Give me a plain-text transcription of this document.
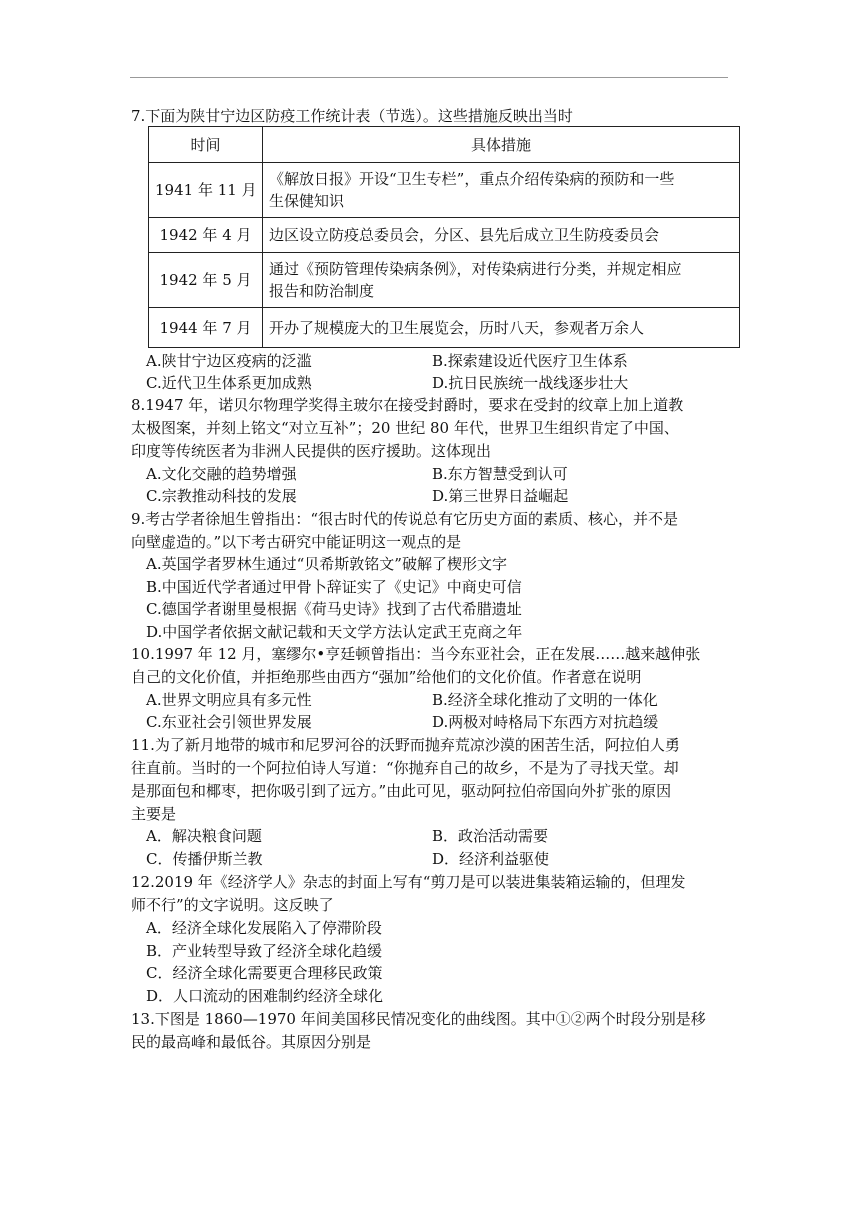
7.下面为陕甘宁边区防疫工作统计表（节选）。这些措施反映出当时
时间	具体措施
1941 年 11 月	《解放日报》开设“卫生专栏”，重点介绍传染病的预防和一些
生保健知识

1942 年 4 月	边区设立防疫总委员会，分区、县先后成立卫生防疫委员会

1942 年 5 月	通过《预防管理传染病条例》，对传染病进行分类，并规定相应
报告和防治制度

1944 年 7 月	开办了规模庞大的卫生展览会，历时八天，参观者万余人
A.陕甘宁边区疫病的泛滥	B.探索建设近代医疗卫生体系
C.近代卫生体系更加成熟	D.抗日民族统一战线逐步壮大
8.1947 年，诺贝尔物理学奖得主玻尔在接受封爵时，要求在受封的纹章上加上道教
太极图案，并刻上铭文“对立互补”；20 世纪 80 年代，世界卫生组织肯定了中国、
印度等传统医者为非洲人民提供的医疗援助。这体现出
A.文化交融的趋势增强	B.东方智慧受到认可
C.宗教推动科技的发展	D.第三世界日益崛起
9.考古学者徐旭生曾指出：“很古时代的传说总有它历史方面的素质、核心，并不是
向壁虚造的。”以下考古研究中能证明这一观点的是
A.英国学者罗林生通过“贝希斯敦铭文”破解了楔形文字
B.中国近代学者通过甲骨卜辞证实了《史记》中商史可信
C.德国学者谢里曼根据《荷马史诗》找到了古代希腊遗址
D.中国学者依据文献记载和天文学方法认定武王克商之年
10.1997 年 12 月，塞缪尔•亨廷顿曾指出：当今东亚社会，正在发展……越来越伸张
自己的文化价值，并拒绝那些由西方“强加”给他们的文化价值。作者意在说明
A.世界文明应具有多元性	B.经济全球化推动了文明的一体化
C.东亚社会引领世界发展	D.两极对峙格局下东西方对抗趋缓
11.为了新月地带的城市和尼罗河谷的沃野而抛弃荒凉沙漠的困苦生活，阿拉伯人勇
往直前。当时的一个阿拉伯诗人写道：“你抛弃自己的故乡，不是为了寻找天堂。却
是那面包和椰枣，把你吸引到了远方。”由此可见，驱动阿拉伯帝国向外扩张的原因
主要是
A．解决粮食问题	B．政治活动需要
C．传播伊斯兰教	D．经济利益驱使
12.2019 年《经济学人》杂志的封面上写有“剪刀是可以装进集装箱运输的，但理发
师不行”的文字说明。这反映了
A．经济全球化发展陷入了停滞阶段
B．产业转型导致了经济全球化趋缓
C．经济全球化需要更合理移民政策
D．人口流动的困难制约经济全球化
13.下图是 1860—1970 年间美国移民情况变化的曲线图。其中①②两个时段分别是移
民的最高峰和最低谷。其原因分别是
